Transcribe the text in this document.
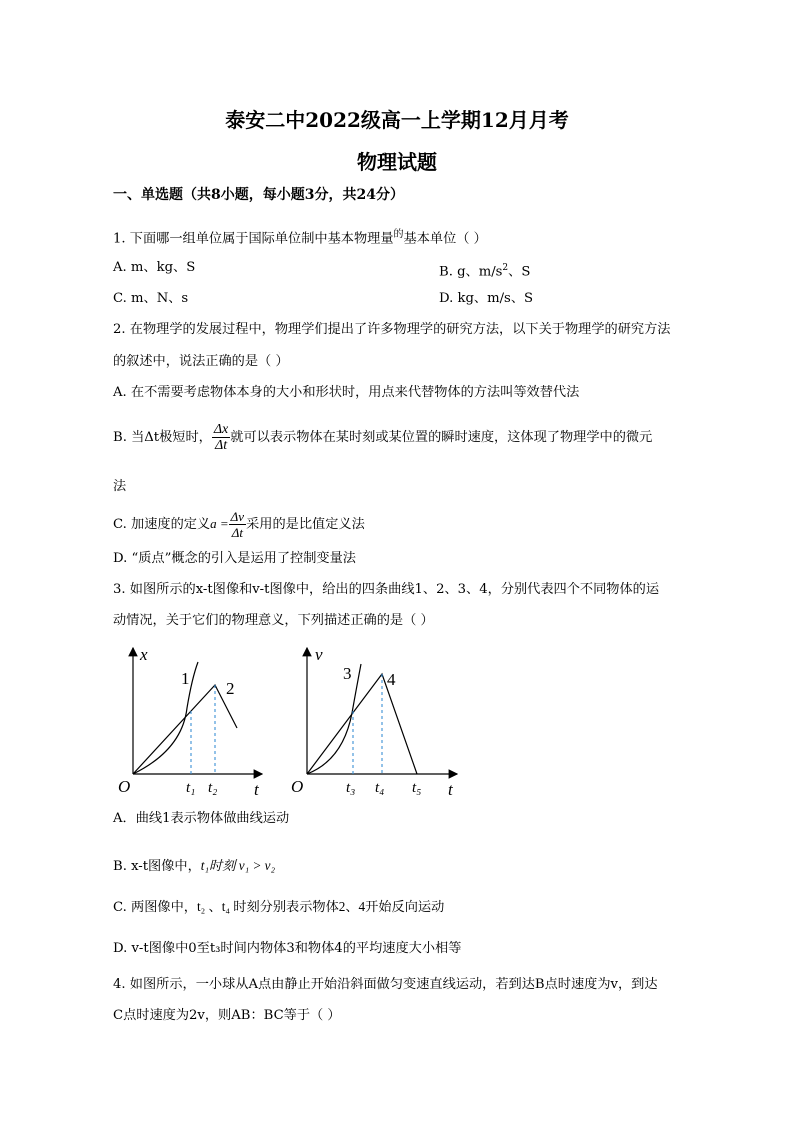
泰安二中2022级高一上学期12月月考
物理试题
一、单选题（共8小题，每小题3分，共24分）
1. 下面哪一组单位属于国际单位制中基本物理量$^的$基本单位（ ）
A. m、kg、S	B. g、$m/s^2$、S
C. m、N、s	D. kg、m/s、S
2. 在物理学的发展过程中，物理学们提出了许多物理学的研究方法，以下关于物理学的研究方法
的叙述中，说法正确的是（ ）
A. 在不需要考虑物体本身的大小和形状时，用点来代替物体的方法叫等效替代法
B. 当Δt极短时， $\frac{\Delta x}{\Delta t}$ 就可以表示物体在某时刻或某位置的瞬时速度，这体现了物理学中的微元
法
C. 加速度的定义$a = \frac{\Delta v}{\Delta t}$ 采用的是比值定义法
D. “质点”概念的引入是运用了控制变量法
3. 如图所示的x-t图像和v-t图像中，给出的四条曲线1、2、3、4，分别代表四个不同物体的运
动情况，关于它们的物理意义，下列描述正确的是（ ）
x
t
O
1
2
t₁ t₂
v
t
O
3 4
t₃ t₄ t₅
A．曲线1表示物体做曲线运动
B. x-t图像中，t₁时刻 v₁ > v₂
C. 两图像中，t₂ 、t₄ 时刻分别表示物体2、4开始反向运动
D. v-t图像中0至t₃时间内物体3和物体4的平均速度大小相等
4. 如图所示，一小球从A点由静止开始沿斜面做匀变速直线运动，若到达B点时速度为v，到达
C点时速度为2v，则AB：BC等于（ ）
